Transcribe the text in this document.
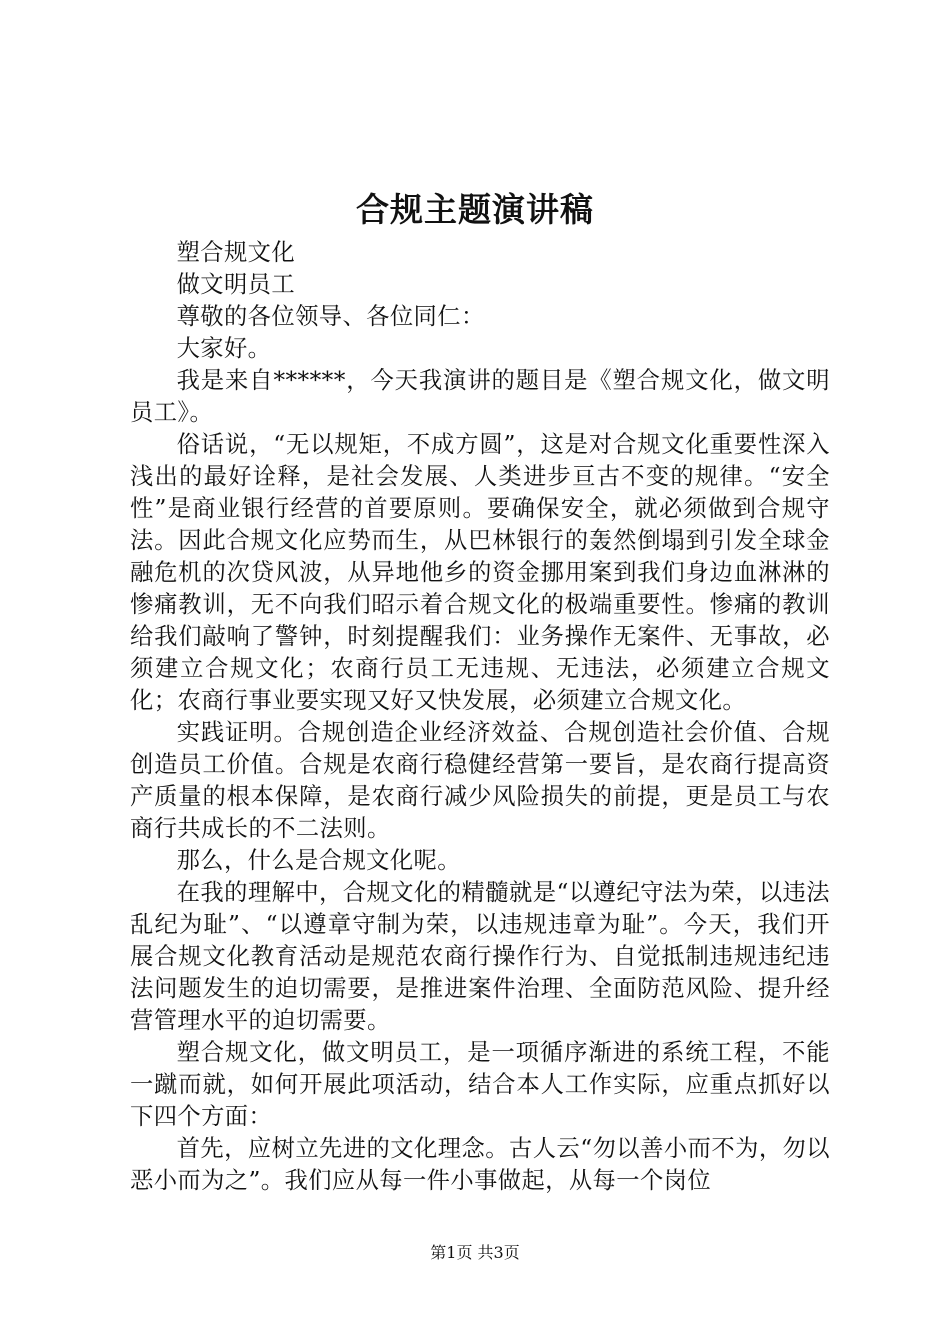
合规主题演讲稿

塑合规文化

做文明员工

尊敬的各位领导、各位同仁：

大家好。

我是来自******，今天我演讲的题目是《塑合规文化，做文明员工》。

俗话说，“无以规矩，不成方圆”，这是对合规文化重要性深入浅出的最好诠释，是社会发展、人类进步亘古不变的规律。“安全性”是商业银行经营的首要原则。要确保安全，就必须做到合规守法。因此合规文化应势而生，从巴林银行的轰然倒塌到引发全球金融危机的次贷风波，从异地他乡的资金挪用案到我们身边血淋淋的惨痛教训，无不向我们昭示着合规文化的极端重要性。惨痛的教训给我们敲响了警钟，时刻提醒我们：业务操作无案件、无事故，必须建立合规文化；农商行员工无违规、无违法，必须建立合规文化；农商行事业要实现又好又快发展，必须建立合规文化。

实践证明。合规创造企业经济效益、合规创造社会价值、合规创造员工价值。合规是农商行稳健经营第一要旨，是农商行提高资产质量的根本保障，是农商行减少风险损失的前提，更是员工与农商行共成长的不二法则。

那么，什么是合规文化呢。

在我的理解中，合规文化的精髓就是“以遵纪守法为荣，以违法乱纪为耻”、“以遵章守制为荣，以违规违章为耻”。今天，我们开展合规文化教育活动是规范农商行操作行为、自觉抵制违规违纪违法问题发生的迫切需要，是推进案件治理、全面防范风险、提升经营管理水平的迫切需要。

塑合规文化，做文明员工，是一项循序渐进的系统工程，不能一蹴而就，如何开展此项活动，结合本人工作实际，应重点抓好以下四个方面：

首先，应树立先进的文化理念。古人云“勿以善小而不为，勿以恶小而为之”。我们应从每一件小事做起，从每一个岗位

第1页 共3页
